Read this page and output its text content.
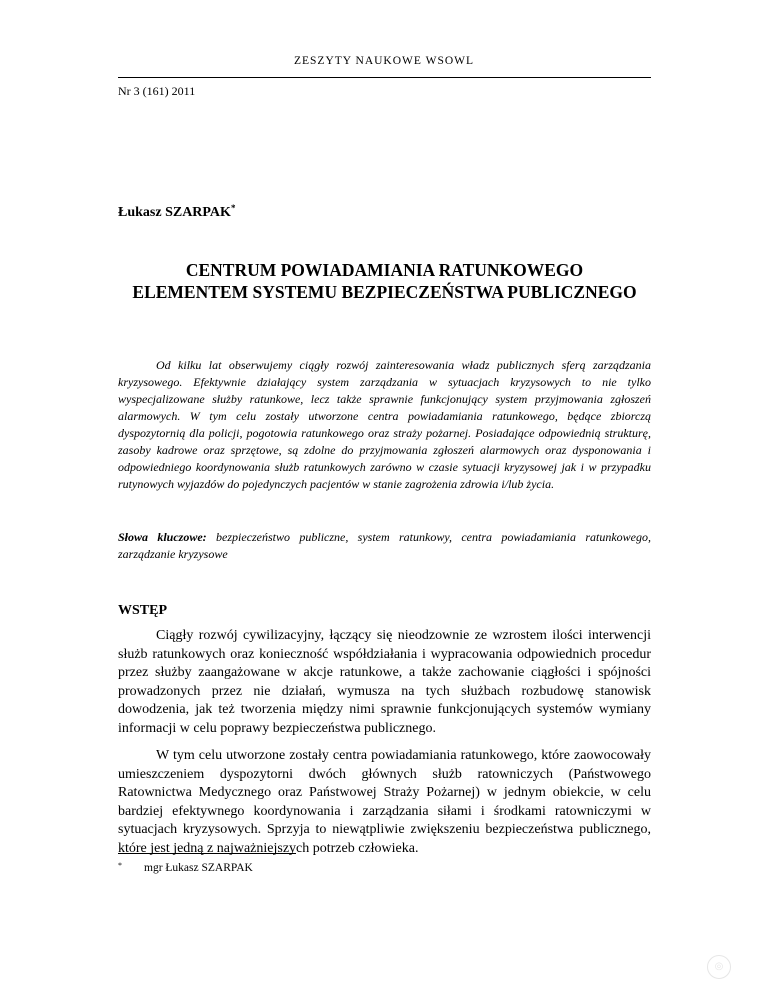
ZESZYTY NAUKOWE WSOWL
Nr 3 (161) 2011
Łukasz SZARPAK*
CENTRUM POWIADAMIANIA RATUNKOWEGO
ELEMENTEM SYSTEMU BEZPIECZEŃSTWA PUBLICZNEGO

Od kilku lat obserwujemy ciągły rozwój zainteresowania władz publicznych sferą zarządzania kryzysowego. Efektywnie działający system zarządzania w sytuacjach kryzysowych to nie tylko wyspecjalizowane służby ratunkowe, lecz także sprawnie funkcjonujący system przyjmowania zgłoszeń alarmowych. W tym celu zostały utworzone centra powiadamiania ratunkowego, będące zbiorczą dyspozytornią dla policji, pogotowia ratunkowego oraz straży pożarnej. Posiadające odpowiednią strukturę, zasoby kadrowe oraz sprzętowe, są zdolne do przyjmowania zgłoszeń alarmowych oraz dysponowania i odpowiedniego koordynowania służb ratunkowych zarówno w czasie sytuacji kryzysowej jak i w przypadku rutynowych wyjazdów do pojedynczych pacjentów w stanie zagrożenia zdrowia i/lub życia.

Słowa kluczowe: bezpieczeństwo publiczne, system ratunkowy, centra powiadamiania ratunkowego, zarządzanie kryzysowe
WSTĘP

Ciągły rozwój cywilizacyjny, łączący się nieodzownie ze wzrostem ilości interwencji służb ratunkowych oraz konieczność współdziałania i wypracowania odpowiednich procedur przez służby zaangażowane w akcje ratunkowe, a także zachowanie ciągłości i spójności prowadzonych przez nie działań, wymusza na tych służbach rozbudowę stanowisk dowodzenia, jak też tworzenia między nimi sprawnie funkcjonujących systemów wymiany informacji w celu poprawy bezpieczeństwa publicznego.

W tym celu utworzone zostały centra powiadamiania ratunkowego, które zaowocowały umieszczeniem dyspozytorni dwóch głównych służb ratowniczych (Państwowego Ratownictwa Medycznego oraz Państwowej Straży Pożarnej) w jednym obiekcie, w celu bardziej efektywnego koordynowania i zarządzania siłami i środkami ratowniczymi w sytuacjach kryzysowych. Sprzyja to niewątpliwie zwiększeniu bezpieczeństwa publicznego, które jest jedną z najważniejszych potrzeb człowieka.

* mgr Łukasz SZARPAK
◎
